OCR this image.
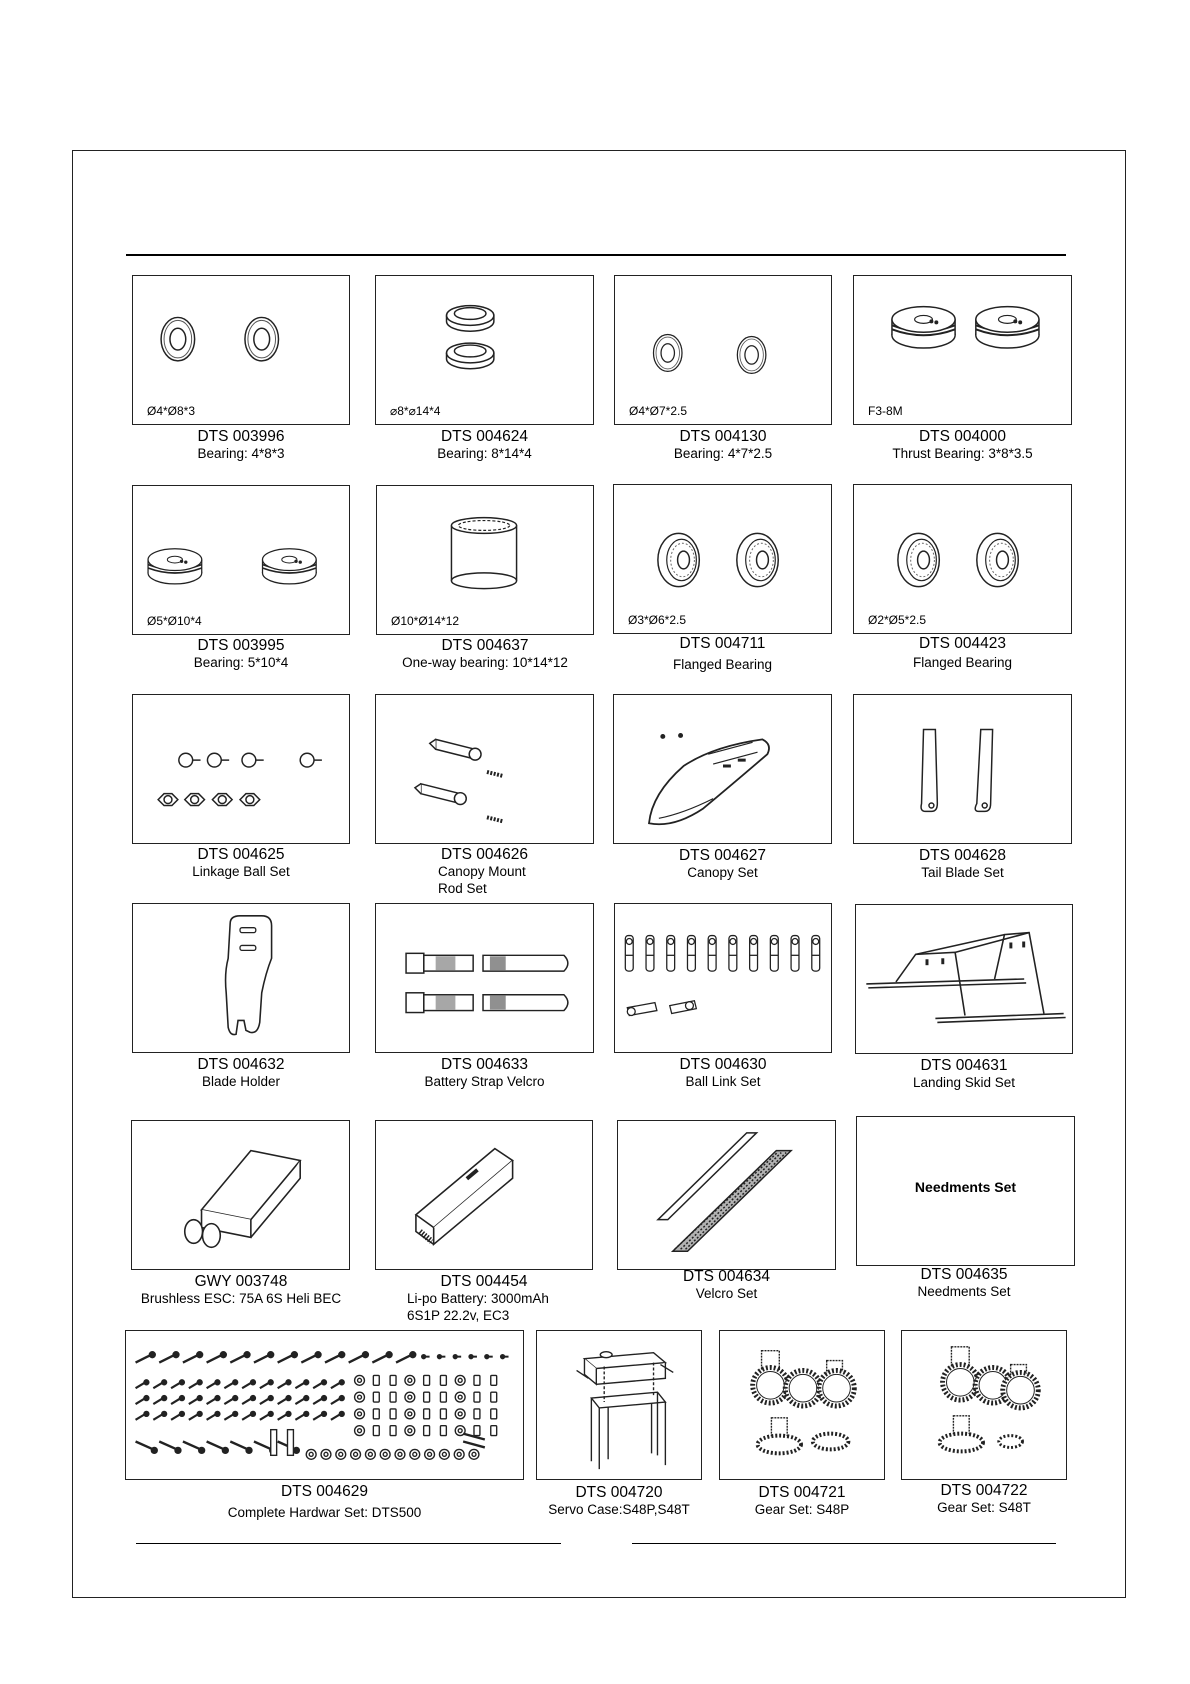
Ø4*Ø8*3
DTS 003996
Bearing: 4*8*3
⌀8*⌀14*4
DTS 004624
Bearing: 8*14*4
Ø4*Ø7*2.5
DTS 004130
Bearing: 4*7*2.5
F3-8M
DTS 004000
Thrust Bearing: 3*8*3.5
Ø5*Ø10*4
DTS 003995
Bearing: 5*10*4
Ø10*Ø14*12
DTS 004637
One-way bearing: 10*14*12
Ø3*Ø6*2.5
DTS 004711
Flanged Bearing
Ø2*Ø5*2.5
DTS 004423
Flanged Bearing
DTS 004625
Linkage Ball Set
DTS 004626
Canopy Mount
Rod Set
DTS 004627
Canopy Set
DTS 004628
Tail Blade Set
DTS 004632
Blade Holder
DTS 004633
Battery Strap Velcro
DTS 004630
Ball Link Set
DTS 004631
Landing Skid Set
GWY 003748
Brushless ESC: 75A 6S Heli BEC
DTS 004454
Li-po Battery: 3000mAh
6S1P 22.2v, EC3
DTS 004634
Velcro Set
Needments Set
DTS 004635
Needments Set
DTS 004629
Complete Hardwar Set: DTS500
DTS 004720
Servo Case:S48P,S48T
DTS 004721
Gear Set: S48P
DTS 004722
Gear Set: S48T
